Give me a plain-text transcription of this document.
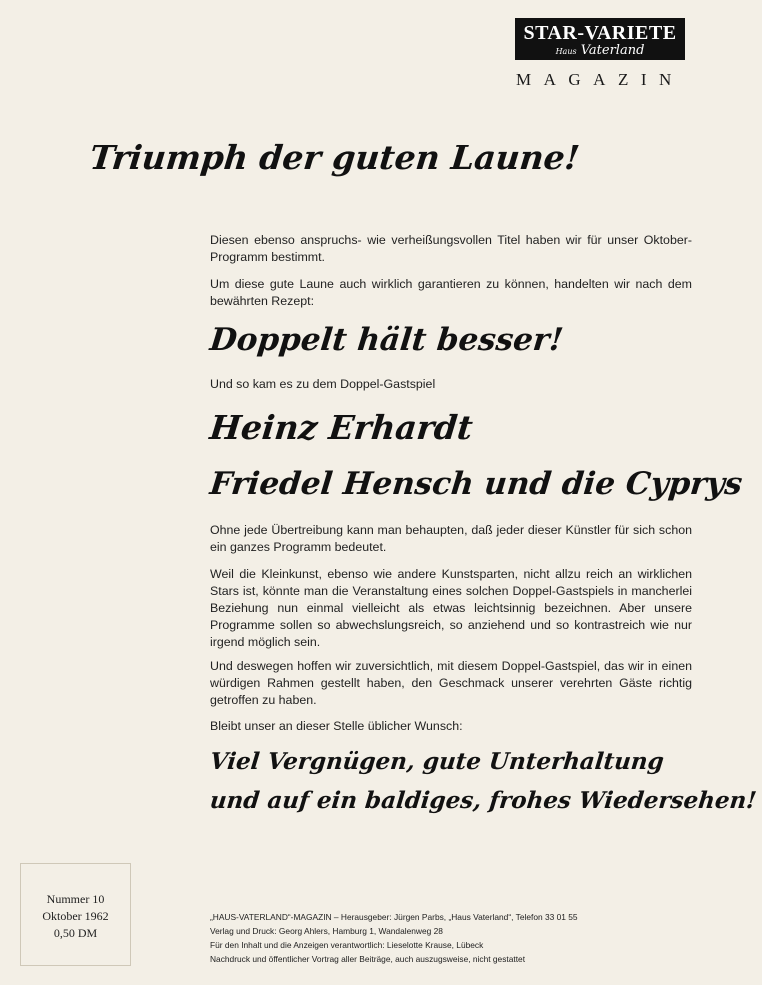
STAR-VARIETE
Haus Vaterland
MAGAZIN
Triumph der guten Laune!
Diesen ebenso anspruchs- wie verheißungsvollen Titel haben wir für unser Oktober-Programm bestimmt.
Um diese gute Laune auch wirklich garantieren zu können, handelten wir nach dem bewährten Rezept:
Doppelt hält besser!
Und so kam es zu dem Doppel-Gastspiel
Heinz Erhardt
Friedel Hensch und die Cyprys
Ohne jede Übertreibung kann man behaupten, daß jeder dieser Künstler für sich schon ein ganzes Programm bedeutet.
Weil die Kleinkunst, ebenso wie andere Kunstsparten, nicht allzu reich an wirklichen Stars ist, könnte man die Veranstaltung eines solchen Doppel-Gastspiels in mancherlei Beziehung nun einmal vielleicht als etwas leichtsinnig bezeichnen. Aber unsere Programme sollen so abwechslungsreich, so anziehend und so kontrastreich wie nur irgend möglich sein.
Und deswegen hoffen wir zuversichtlich, mit diesem Doppel-Gastspiel, das wir in einen würdigen Rahmen gestellt haben, den Geschmack unserer verehrten Gäste richtig getroffen zu haben.
Bleibt unser an dieser Stelle üblicher Wunsch:
Viel Vergnügen, gute Unterhaltung
und auf ein baldiges, frohes Wiedersehen!
Nummer 10
Oktober 1962
0,50 DM
„HAUS-VATERLAND“-MAGAZIN – Herausgeber: Jürgen Parbs, „Haus Vaterland“, Telefon 33 01 55
Verlag und Druck: Georg Ahlers, Hamburg 1, Wandalenweg 28
Für den Inhalt und die Anzeigen verantwortlich: Lieselotte Krause, Lübeck
Nachdruck und öffentlicher Vortrag aller Beiträge, auch auszugsweise, nicht gestattet
